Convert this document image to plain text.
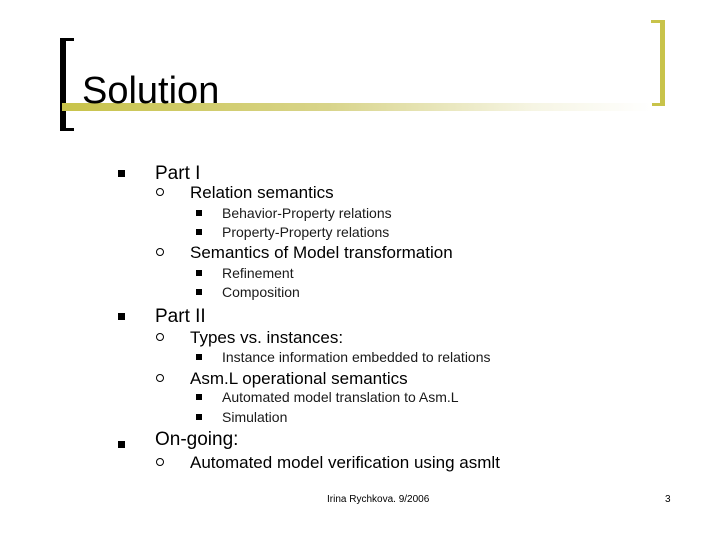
Solution
Part I
Relation semantics
Behavior-Property relations
Property-Property relations
Semantics of Model transformation
Refinement
Composition
Part II
Types vs. instances:
Instance information embedded to relations
Asm.L operational semantics
Automated model translation to Asm.L
Simulation
On-going:
Automated model verification using asmlt
Irina Rychkova. 9/2006	3
